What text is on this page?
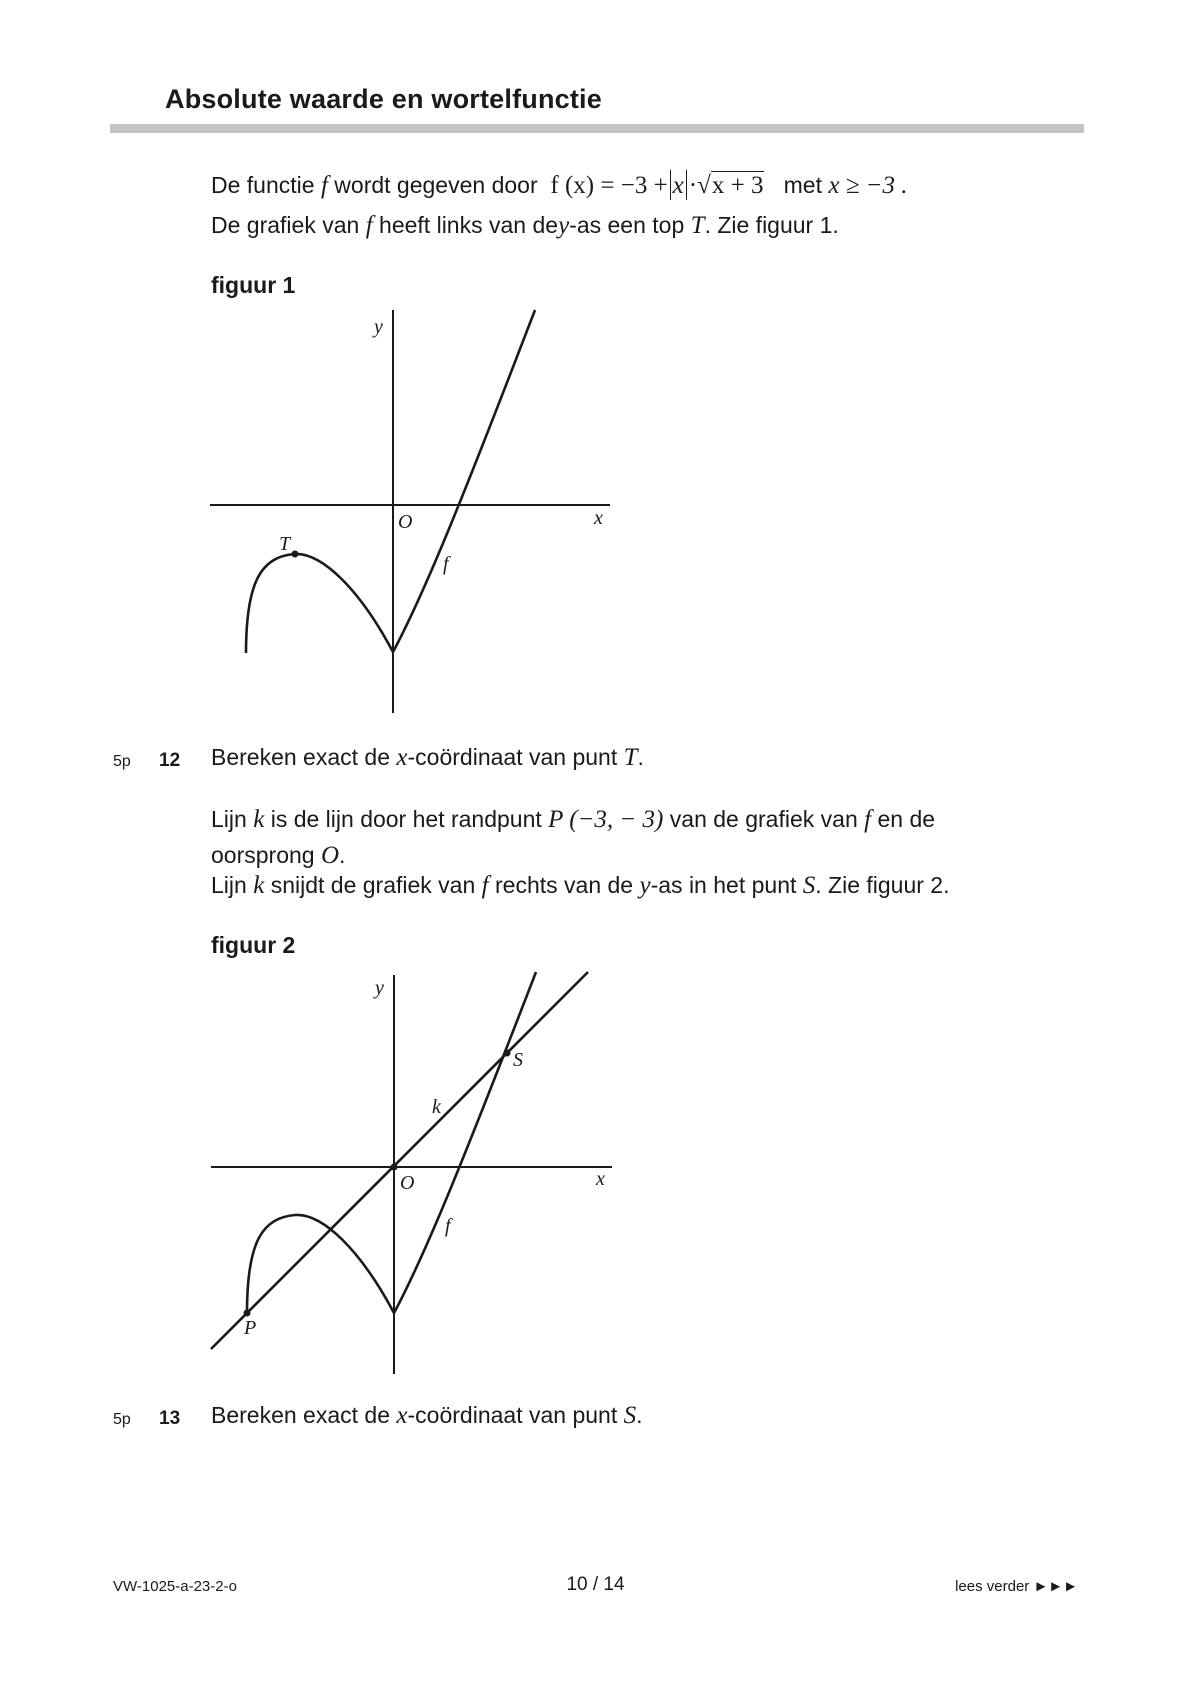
Absolute waarde en wortelfunctie
De functie f wordt gegeven door f (x) = −3 + x ·√x + 3 met x ≥ −3 .
De grafiek van f heeft links van dey-as een top T. Zie figuur 1.
figuur 1
y
x
O
T
f
y
x
O
k
f
S
P
5p 12 Bereken exact de x-coördinaat van punt T.
Lijn k is de lijn door het randpunt P (−3, − 3) van de grafiek van f en de
oorsprong O.
Lijn k snijdt de grafiek van f rechts van de y-as in het punt S. Zie figuur 2.
figuur 2
5p 13 Bereken exact de x-coördinaat van punt S.
VW-1025-a-23-2-o	10 / 14	lees verder ►►►
